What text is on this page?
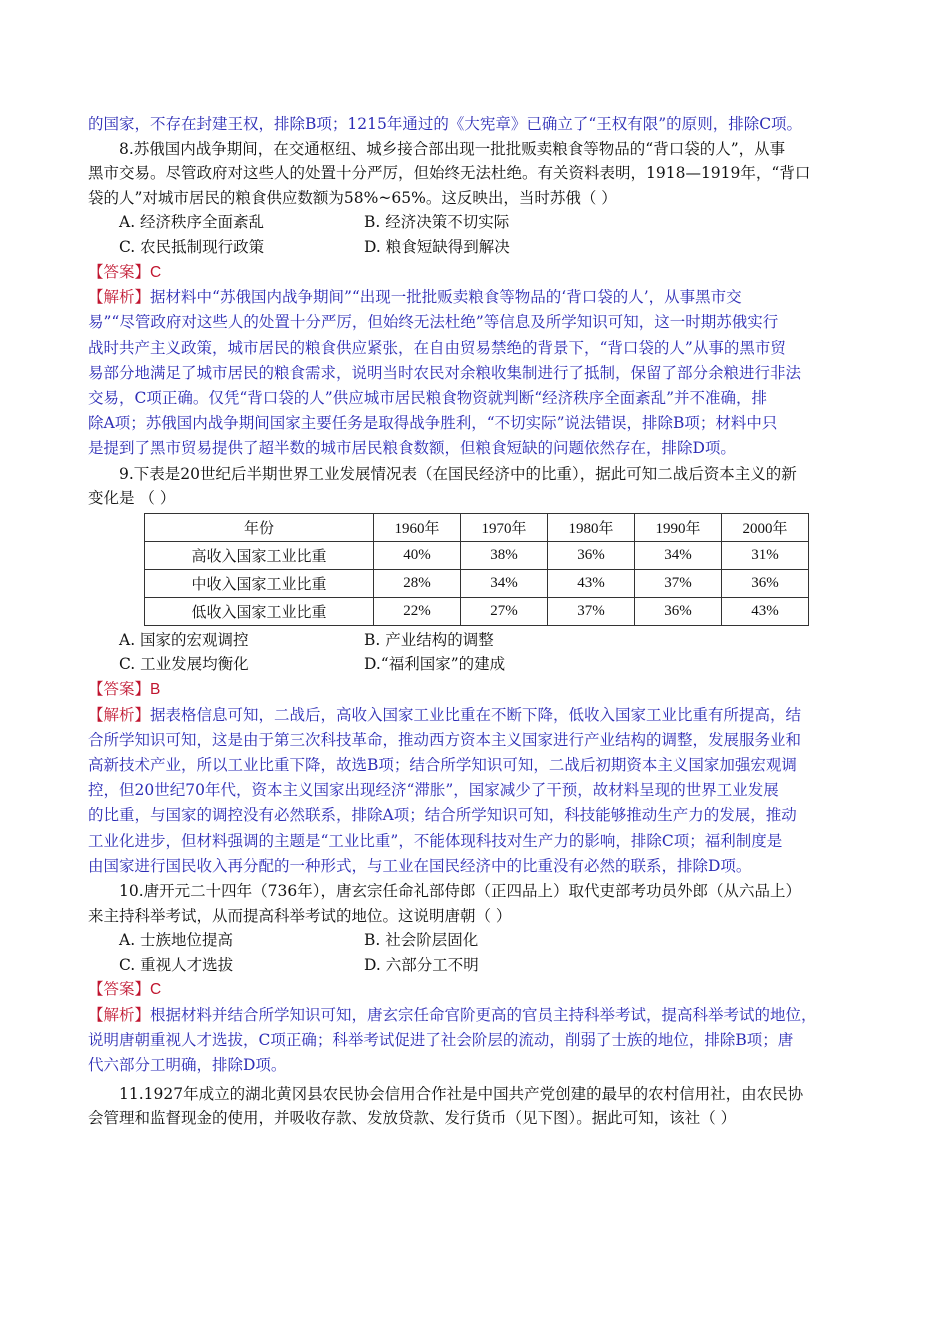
的国家，不存在封建王权，排除B项；1215年通过的《大宪章》已确立了“王权有限”的原则，排除C项。
8.苏俄国内战争期间，在交通枢纽、城乡接合部出现一批批贩卖粮食等物品的“背口袋的人”，从事
黑市交易。尽管政府对这些人的处置十分严厉，但始终无法杜绝。有关资料表明，1918—1919年，“背口
袋的人”对城市居民的粮食供应数额为58%~65%。这反映出，当时苏俄（ ）
A. 经济秩序全面紊乱	B. 经济决策不切实际
C. 农民抵制现行政策	D. 粮食短缺得到解决
【答案】C
【解析】据材料中“苏俄国内战争期间”“出现一批批贩卖粮食等物品的‘背口袋的人’，从事黑市交
易”“尽管政府对这些人的处置十分严厉，但始终无法杜绝”等信息及所学知识可知，这一时期苏俄实行
战时共产主义政策，城市居民的粮食供应紧张，在自由贸易禁绝的背景下，“背口袋的人”从事的黑市贸
易部分地满足了城市居民的粮食需求，说明当时农民对余粮收集制进行了抵制，保留了部分余粮进行非法
交易，C项正确。仅凭“背口袋的人”供应城市居民粮食物资就判断“经济秩序全面紊乱”并不准确，排
除A项；苏俄国内战争期间国家主要任务是取得战争胜利，“不切实际”说法错误，排除B项；材料中只
是提到了黑市贸易提供了超半数的城市居民粮食数额，但粮食短缺的问题依然存在，排除D项。
9.下表是20世纪后半期世界工业发展情况表（在国民经济中的比重），据此可知二战后资本主义的新
变化是 （ ）
年份	1960年	1970年	1980年	1990年	2000年
高收入国家工业比重	40%	38%	36%	34%	31%
中收入国家工业比重	28%	34%	43%	37%	36%
低收入国家工业比重	22%	27%	37%	36%	43%
A. 国家的宏观调控	B. 产业结构的调整
C. 工业发展均衡化	D.“福利国家”的建成
【答案】B
【解析】据表格信息可知，二战后，高收入国家工业比重在不断下降，低收入国家工业比重有所提高，结
合所学知识可知，这是由于第三次科技革命，推动西方资本主义国家进行产业结构的调整，发展服务业和
高新技术产业，所以工业比重下降，故选B项；结合所学知识可知，二战后初期资本主义国家加强宏观调
控，但20世纪70年代，资本主义国家出现经济“滞胀”，国家减少了干预，故材料呈现的世界工业发展
的比重，与国家的调控没有必然联系，排除A项；结合所学知识可知，科技能够推动生产力的发展，推动
工业化进步，但材料强调的主题是“工业比重”，不能体现科技对生产力的影响，排除C项；福利制度是
由国家进行国民收入再分配的一种形式，与工业在国民经济中的比重没有必然的联系，排除D项。
10.唐开元二十四年（736年），唐玄宗任命礼部侍郎（正四品上）取代吏部考功员外郎（从六品上）
来主持科举考试，从而提高科举考试的地位。这说明唐朝（ ）
A. 士族地位提高	B. 社会阶层固化
C. 重视人才选拔	D. 六部分工不明
【答案】C
【解析】根据材料并结合所学知识可知，唐玄宗任命官阶更高的官员主持科举考试，提高科举考试的地位，
说明唐朝重视人才选拔，C项正确；科举考试促进了社会阶层的流动，削弱了士族的地位，排除B项；唐
代六部分工明确，排除D项。
11.1927年成立的湖北黄冈县农民协会信用合作社是中国共产党创建的最早的农村信用社，由农民协
会管理和监督现金的使用，并吸收存款、发放贷款、发行货币（见下图）。据此可知，该社（ ）
